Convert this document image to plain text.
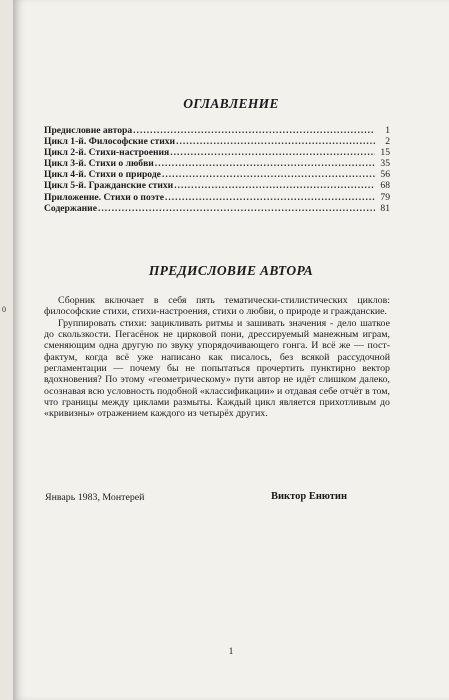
0
ОГЛАВЛЕНИЕ
Предисловие автора .....	1
Цикл 1-й. Философские стихи .....	2
Цикл 2-й. Стихи-настроения .....	15
Цикл 3-й. Стихи о любви .....	35
Цикл 4-й. Стихи о природе .....	56
Цикл 5-й. Гражданские стихи .....	68
Приложение. Стихи о поэте .....	79
Содержание .....	81
ПРЕДИСЛОВИЕ АВТОРА

Сборник включает в себя пять тематически-стилистических циклов: философские стихи, стихи-настроения, стихи о любви, о природе и гражданские.

Группировать стихи: зацикливать ритмы и зашивать значения - дело шаткое до скользкости. Пегасёнок не цирковой пони, дрессируемый манежным играм, сменяющим одна другую по звуку упорядочивающего гонга. И всё же — пост-фактум, когда всё уже написано как писалось, без всякой рассудочной регламентации — почему бы не попытаться прочертить пунктирно вектор вдохновения? По этому «геометрическому» пути автор не идёт слишком далеко, осознавая всю условность подобной «классификации» и отдавая себе отчёт в том, что границы между циклами размыты. Каждый цикл является прихотливым до «кривизны» отражением каждого из четырёх других.

Январь 1983, Монтерей	Виктор Енютин
1
